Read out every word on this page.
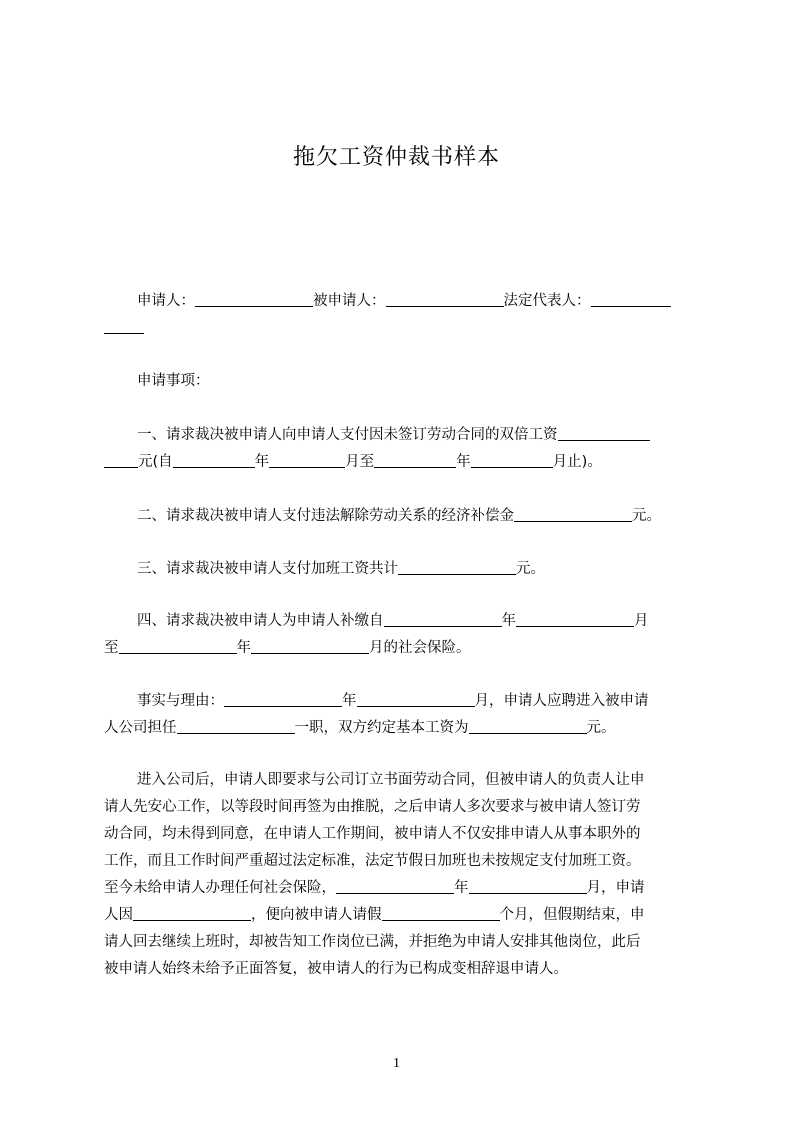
拖欠工资仲裁书样本

申请人：	被申请人：	法定代表人：

申请事项：

一、请求裁决被申请人向申请人支付因未签订劳动合同的双倍工资
元(自	年	月至	年	月止)。

二、请求裁决被申请人支付违法解除劳动关系的经济补偿金	元。

三、请求裁决被申请人支付加班工资共计	元。

四、请求裁决被申请人为申请人补缴自	年	月
至	年	月的社会保险。

事实与理由：	年	月，申请人应聘进入被申请
人公司担任	一职，双方约定基本工资为	元。

进入公司后，申请人即要求与公司订立书面劳动合同，但被申请人的负责人让申
请人先安心工作，以等段时间再签为由推脱，之后申请人多次要求与被申请人签订劳
动合同，均未得到同意，在申请人工作期间，被申请人不仅安排申请人从事本职外的
工作，而且工作时间严重超过法定标准，法定节假日加班也未按规定支付加班工资。
至今未给申请人办理任何社会保险，	年	月，申请
人因	，便向被申请人请假	个月，但假期结束，申
请人回去继续上班时，却被告知工作岗位已满，并拒绝为申请人安排其他岗位，此后
被申请人始终未给予正面答复，被申请人的行为已构成变相辞退申请人。

1
